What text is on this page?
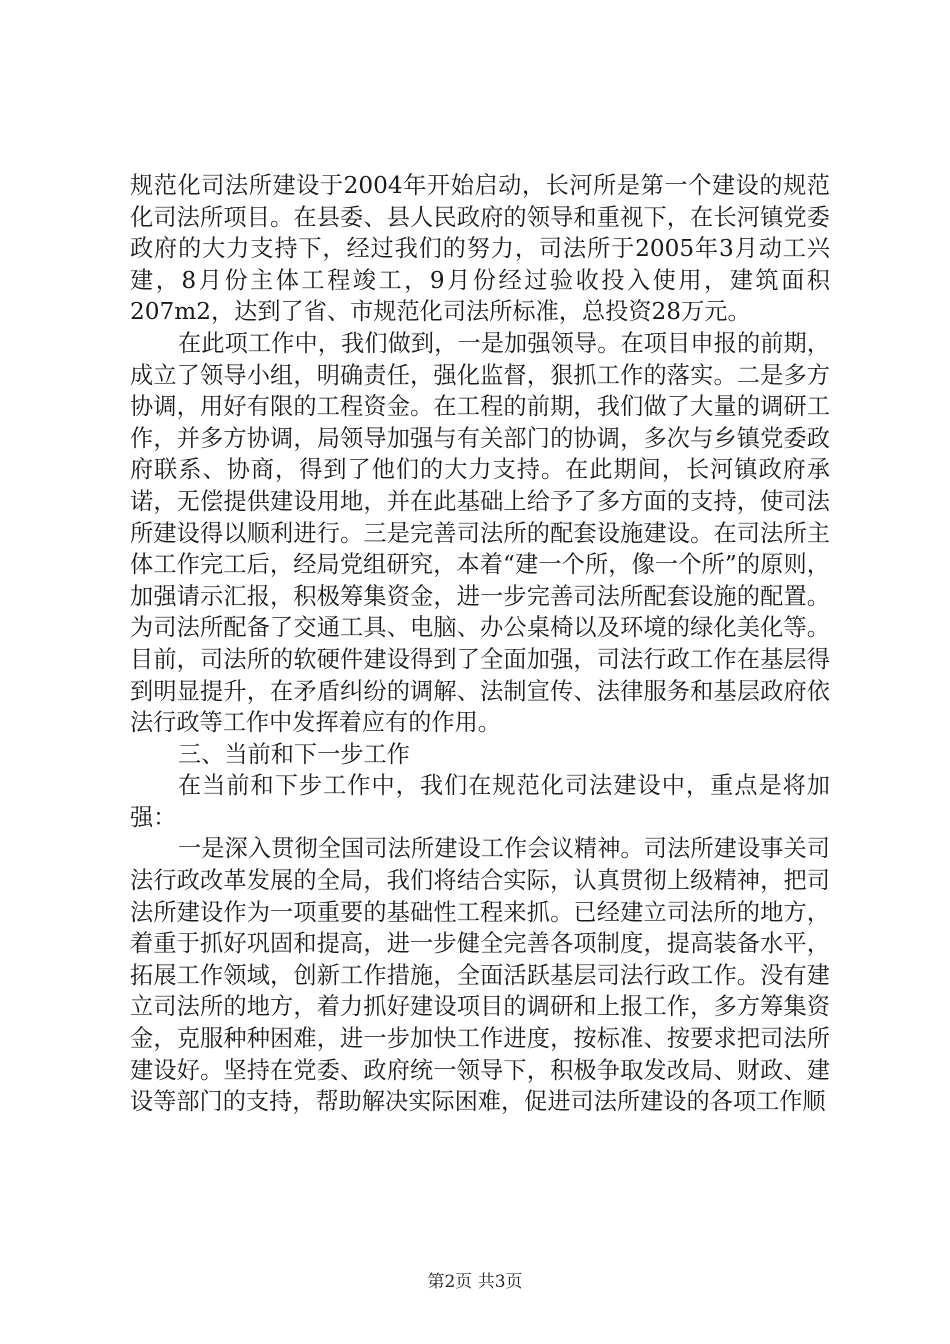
规范化司法所建设于2004年开始启动，长河所是第一个建设的规范化司法所项目。在县委、县人民政府的领导和重视下，在长河镇党委政府的大力支持下，经过我们的努力，司法所于2005年3月动工兴建，8月份主体工程竣工，9月份经过验收投入使用，建筑面积207m2，达到了省、市规范化司法所标准，总投资28万元。

在此项工作中，我们做到，一是加强领导。在项目申报的前期，成立了领导小组，明确责任，强化监督，狠抓工作的落实。二是多方协调，用好有限的工程资金。在工程的前期，我们做了大量的调研工作，并多方协调，局领导加强与有关部门的协调，多次与乡镇党委政府联系、协商，得到了他们的大力支持。在此期间，长河镇政府承诺，无偿提供建设用地，并在此基础上给予了多方面的支持，使司法所建设得以顺利进行。三是完善司法所的配套设施建设。在司法所主体工作完工后，经局党组研究，本着“建一个所，像一个所”的原则，加强请示汇报，积极筹集资金，进一步完善司法所配套设施的配置。为司法所配备了交通工具、电脑、办公桌椅以及环境的绿化美化等。目前，司法所的软硬件建设得到了全面加强，司法行政工作在基层得到明显提升，在矛盾纠纷的调解、法制宣传、法律服务和基层政府依法行政等工作中发挥着应有的作用。

三、当前和下一步工作

在当前和下步工作中，我们在规范化司法建设中，重点是将加强：

一是深入贯彻全国司法所建设工作会议精神。司法所建设事关司法行政改革发展的全局，我们将结合实际，认真贯彻上级精神，把司法所建设作为一项重要的基础性工程来抓。已经建立司法所的地方，着重于抓好巩固和提高，进一步健全完善各项制度，提高装备水平，拓展工作领域，创新工作措施，全面活跃基层司法行政工作。没有建立司法所的地方，着力抓好建设项目的调研和上报工作，多方筹集资金，克服种种困难，进一步加快工作进度，按标准、按要求把司法所建设好。坚持在党委、政府统一领导下，积极争取发改局、财政、建设等部门的支持，帮助解决实际困难，促进司法所建设的各项工作顺

第2页 共3页
